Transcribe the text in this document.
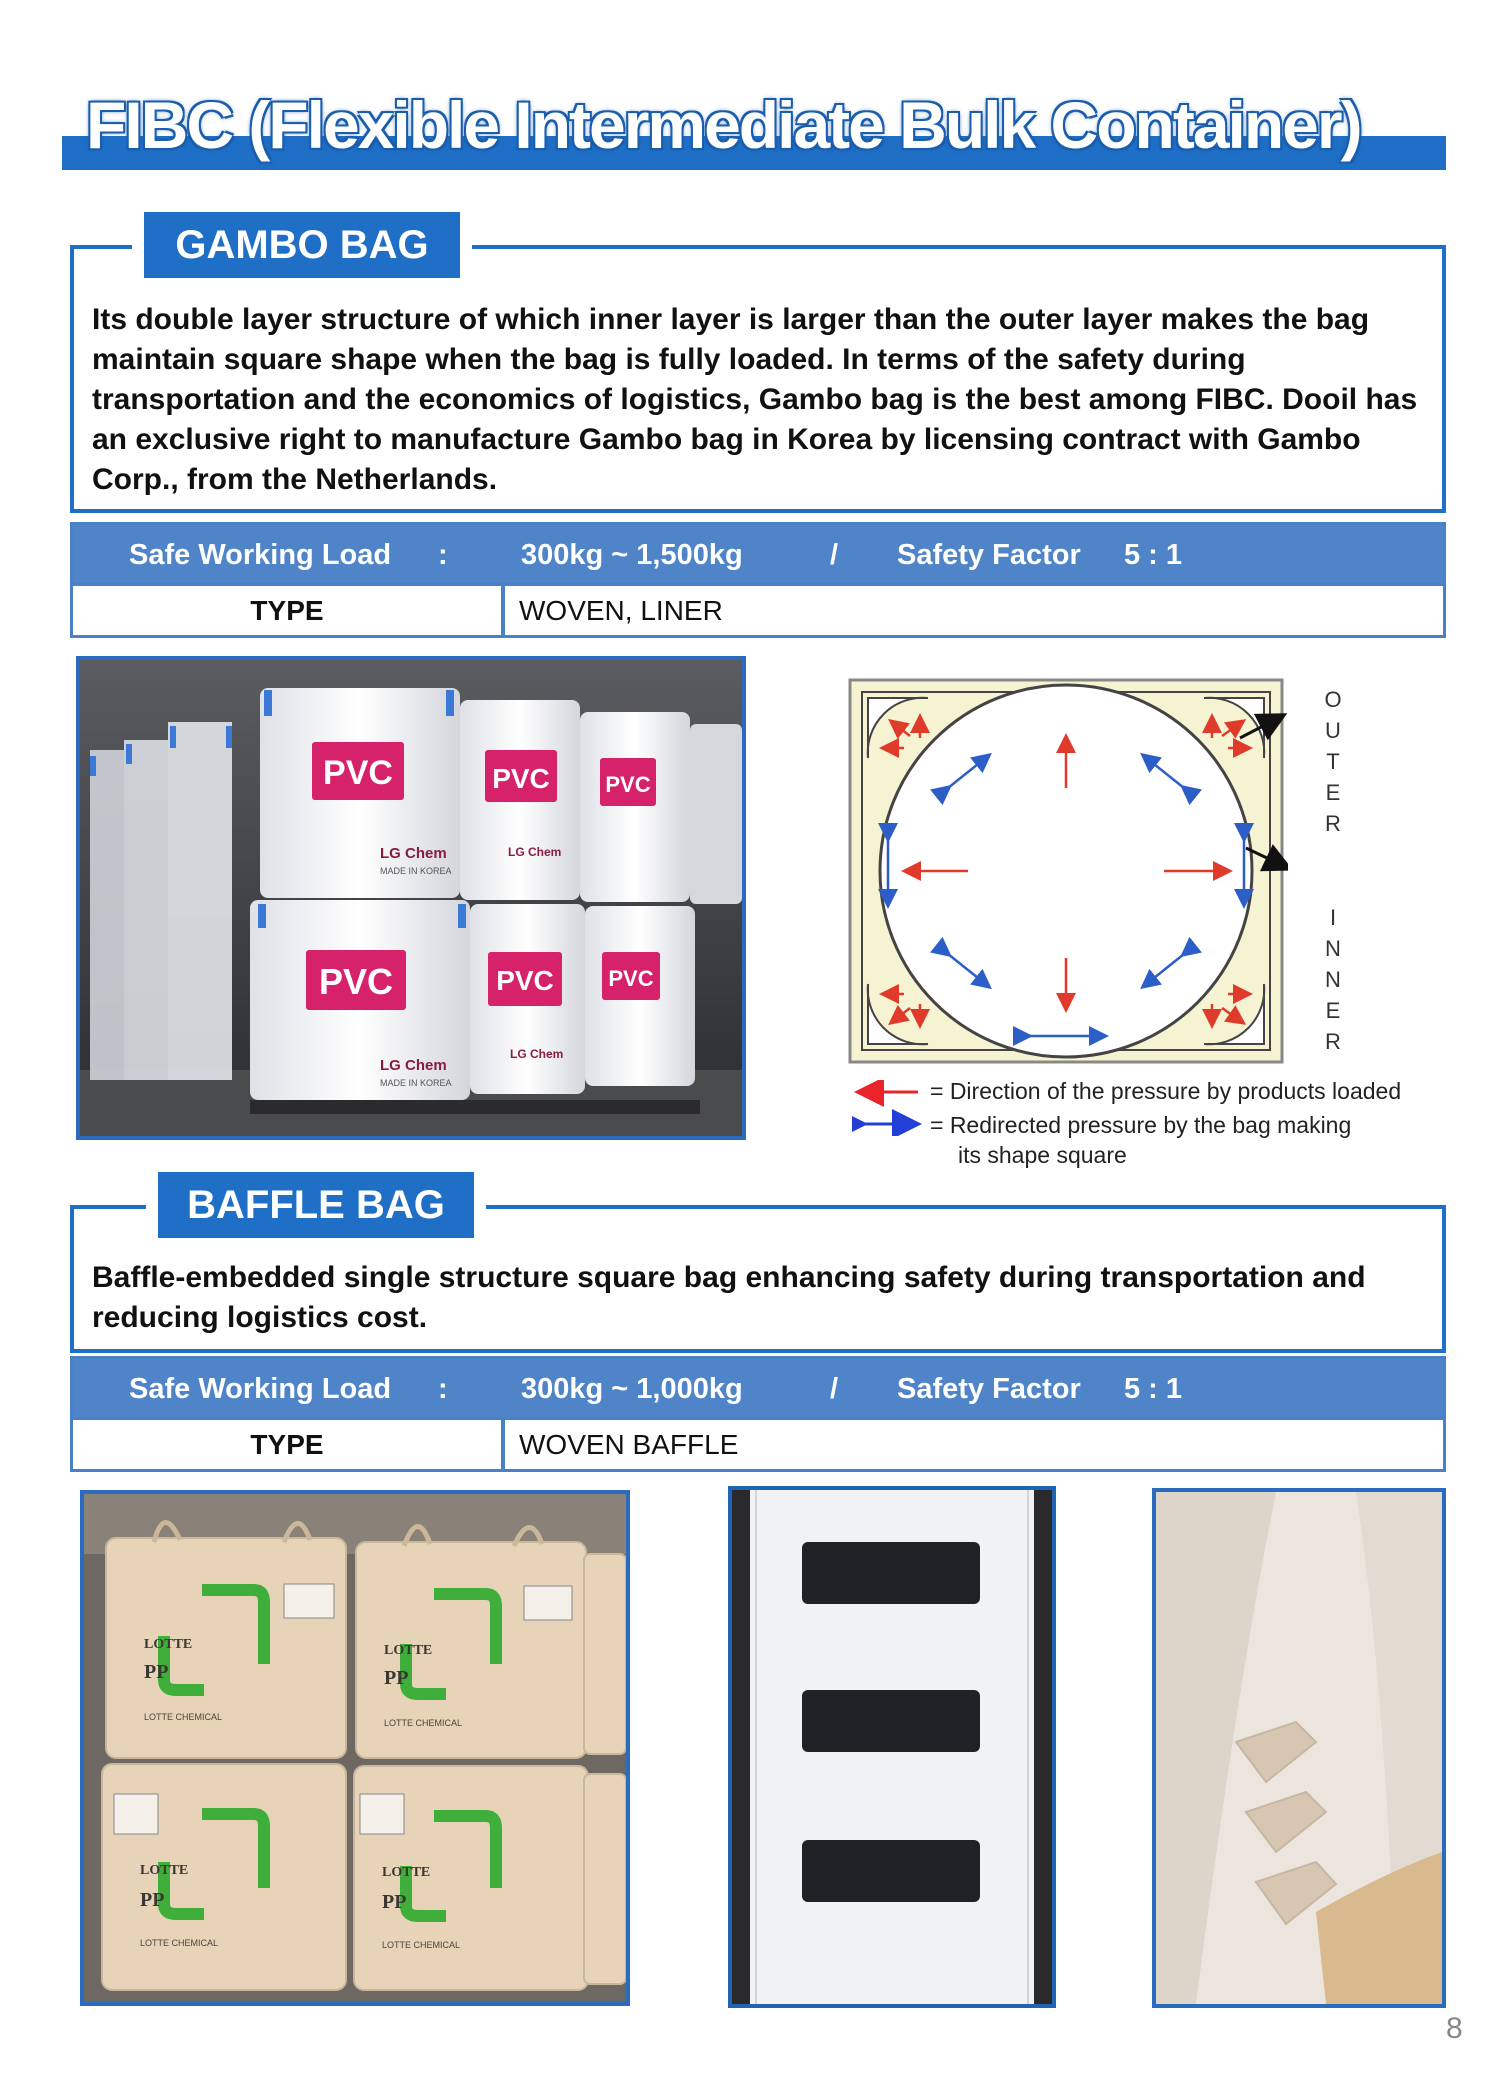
FIBC (Flexible Intermediate Bulk Container)
GAMBO BAG
Its double layer structure of which inner layer is larger than the outer layer makes the bag maintain square shape when the bag is fully loaded. In terms of the safety during transportation and the economics of logistics, Gambo bag is the best among FIBC. Dooil has an exclusive right to manufacture Gambo bag in Korea by licensing contract with Gambo Corp., from the Netherlands.
Safe Working Load :	300kg ~ 1,500kg	/ Safety Factor 5 : 1
TYPE	WOVEN, LINER
PVC	PVC	PVC
PVC	PVC PVC
LG Chem
LG Chem
LG Chem
LG Chem
MADE IN KOREA
MADE IN KOREA
O
U
T
E
R
I
N
N
E
R
= Direction of the pressure by products loaded
= Redirected pressure by the bag making
its shape square
BAFFLE BAG
Baffle-embedded single structure square bag enhancing safety during transportation and reducing logistics cost.
Safe Working Load :	300kg ~ 1,000kg	/ Safety Factor 5 : 1
TYPE	WOVEN BAFFLE
LOTTE	LOTTE
LOTTE	LOTTE
PP	PP
PP	PP
LOTTE CHEMICAL
LOTTE CHEMICAL
LOTTE CHEMICAL	LOTTE CHEMICAL
8
